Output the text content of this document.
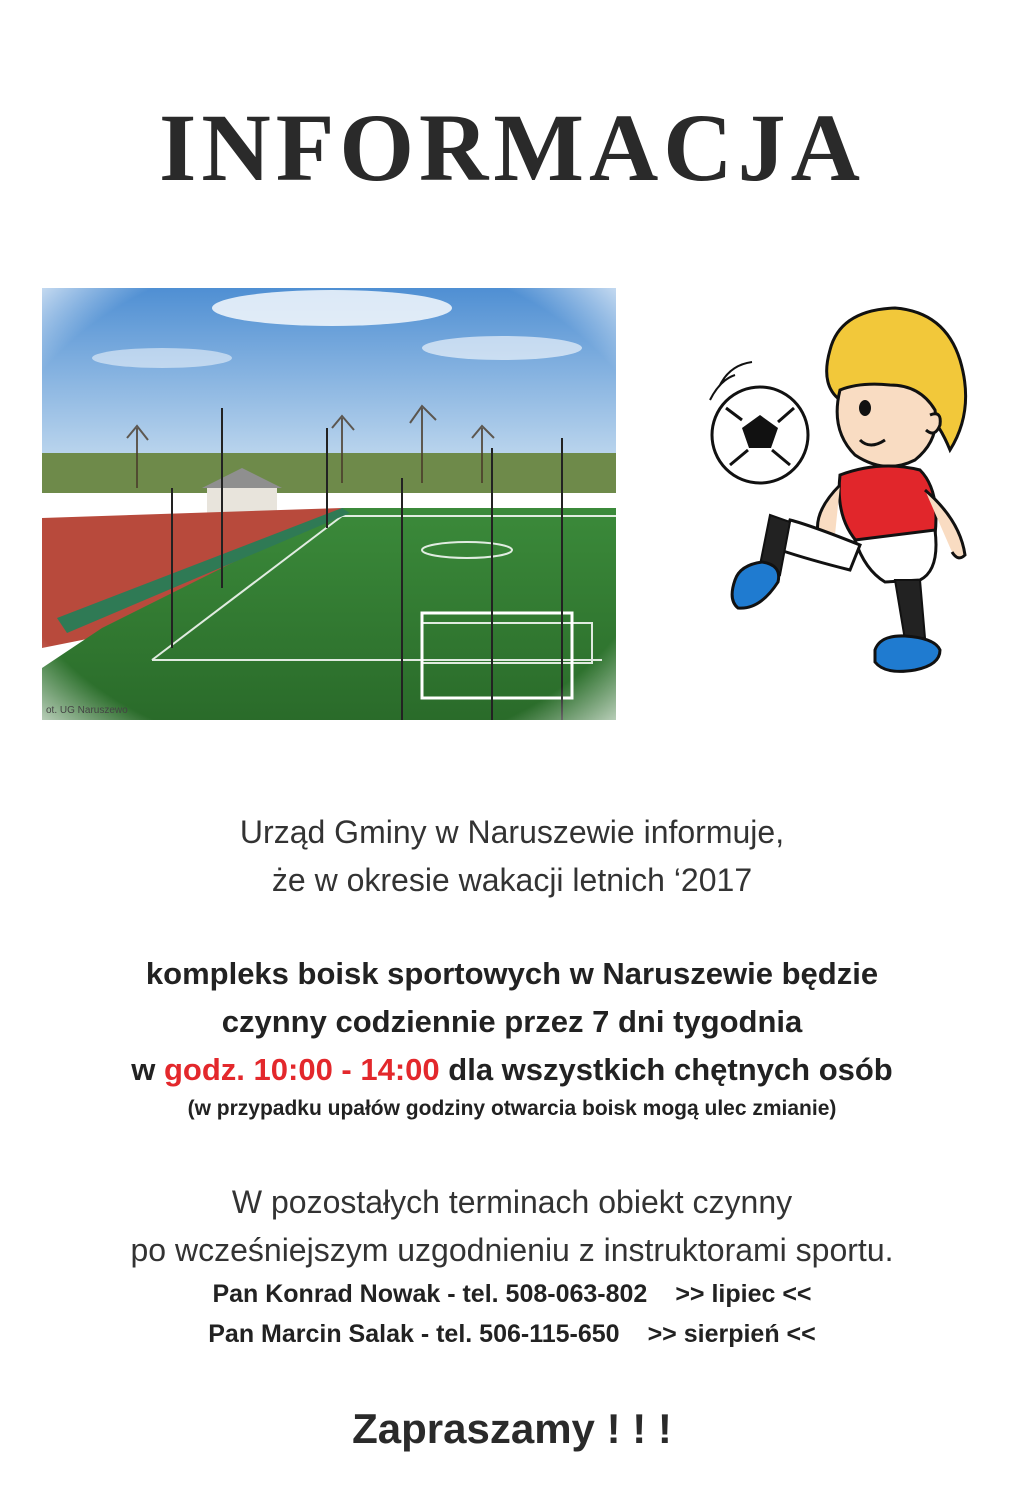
INFORMACJA
ot. UG Naruszewo
Urząd Gminy w Naruszewie informuje,
że w okresie wakacji letnich ‘2017
kompleks boisk sportowych w Naruszewie będzie
czynny codziennie przez 7 dni tygodnia
w godz. 10:00 - 14:00 dla wszystkich chętnych osób
(w przypadku upałów godziny otwarcia boisk mogą ulec zmianie)
W pozostałych terminach obiekt czynny
po wcześniejszym uzgodnieniu z instruktorami sportu.
Pan Konrad Nowak - tel. 508-063-802 >> lipiec <<
Pan Marcin Salak - tel. 506-115-650 >> sierpień <<
Zapraszamy ! ! !
